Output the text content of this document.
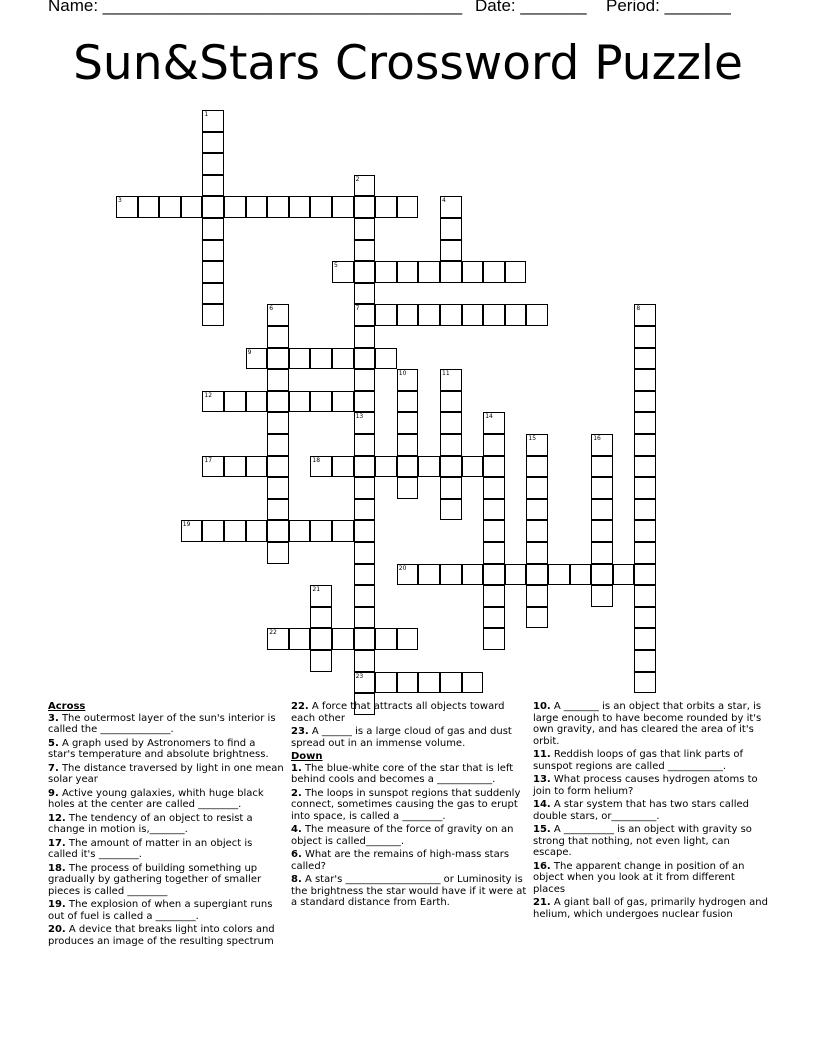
Name: ______________________________________ Date: _______ Period: _______
Sun&Stars Crossword Puzzle
1
2
7
13
23
3	4
5
6	8
9
10	11
12
14
15	16
17	18
19
20
21
22
Across
3. The outermost layer of the sun's interior is called the ______________.
5. A graph used by Astronomers to find a star's temperature and absolute brightness.
7. The distance traversed by light in one mean solar year
9. Active young galaxies, whith huge black holes at the center are called ________.
12. The tendency of an object to resist a change in motion is,_______.
17. The amount of matter in an object is called it's ________.
18. The process of building something up gradually by gathering together of smaller pieces is called ________
19. The explosion of when a supergiant runs out of fuel is called a ________.
20. A device that breaks light into colors and produces an image of the resulting spectrum
22. A force that attracts all objects toward each other
23. A ______ is a large cloud of gas and dust spread out in an immense volume.
Down
1. The blue-white core of the star that is left behind cools and becomes a ___________.
2. The loops in sunspot regions that suddenly connect, sometimes causing the gas to erupt into space, is called a ________.
4. The measure of the force of gravity on an object is called_______.
6. What are the remains of high-mass stars called?
8. A star's ___________________ or Luminosity is the brightness the star would have if it were at a standard distance from Earth.
10. A _______ is an object that orbits a star, is large enough to have become rounded by it's own gravity, and has cleared the area of it's orbit.
11. Reddish loops of gas that link parts of sunspot regions are called ___________.
13. What process causes hydrogen atoms to join to form helium?
14. A star system that has two stars called double stars, or_________.
15. A __________ is an object with gravity so strong that nothing, not even light, can escape.
16. The apparent change in position of an object when you look at it from different places
21. A giant ball of gas, primarily hydrogen and helium, which undergoes nuclear fusion
